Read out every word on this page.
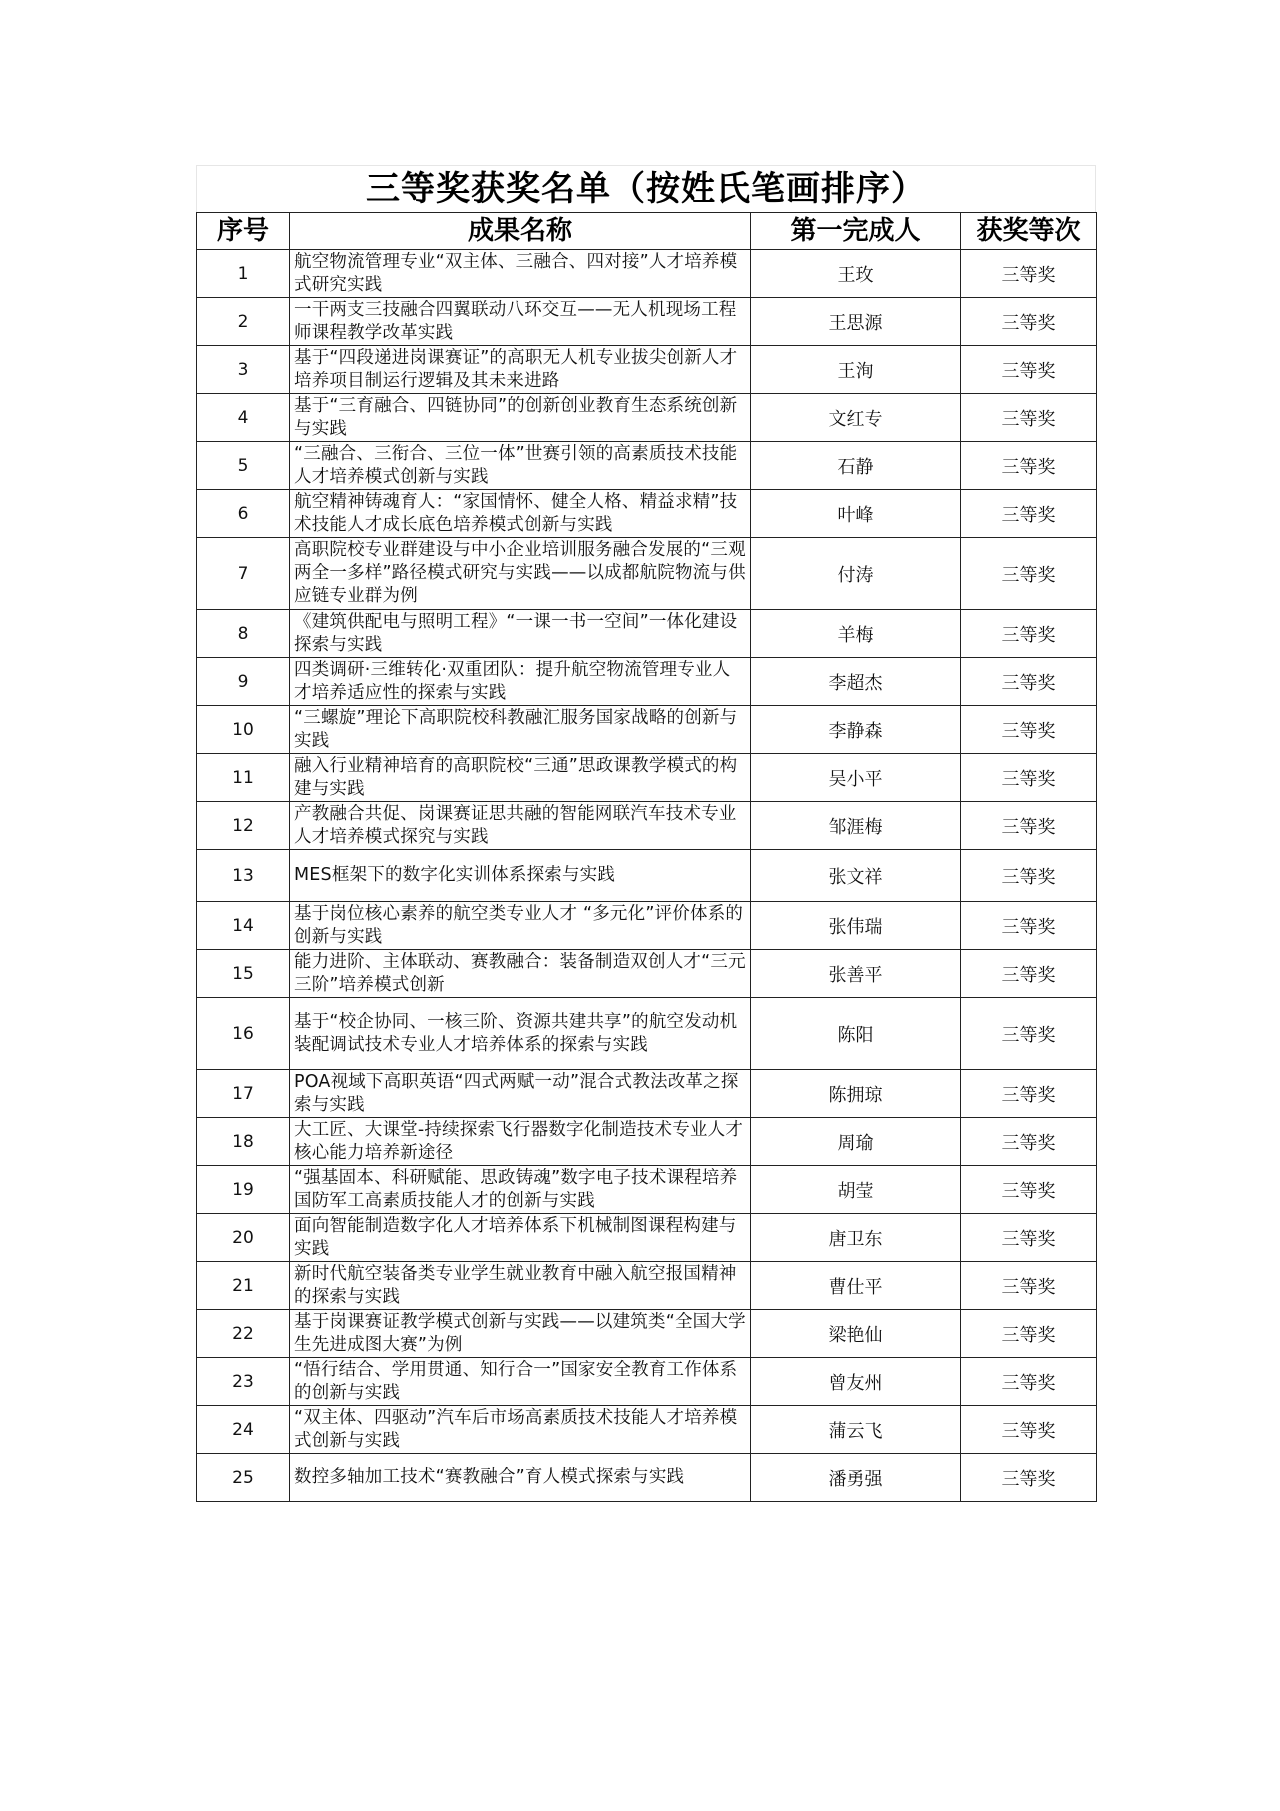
三等奖获奖名单（按姓氏笔画排序）
序号	成果名称	第一完成人	获奖等次
1	航空物流管理专业“双主体、三融合、四对接”人才培养模式研究实践	王玫	三等奖
2	一干两支三技融合四翼联动八环交互——无人机现场工程师课程教学改革实践	王思源	三等奖
3	基于“四段递进岗课赛证”的高职无人机专业拔尖创新人才培养项目制运行逻辑及其未来进路	王洵	三等奖
4	基于“三育融合、四链协同”的创新创业教育生态系统创新与实践	文红专	三等奖
5	“三融合、三衔合、三位一体”世赛引领的高素质技术技能人才培养模式创新与实践	石静	三等奖
6	航空精神铸魂育人：“家国情怀、健全人格、精益求精”技术技能人才成长底色培养模式创新与实践	叶峰	三等奖
7	高职院校专业群建设与中小企业培训服务融合发展的“三观两全一多样”路径模式研究与实践——以成都航院物流与供应链专业群为例	付涛	三等奖
8	《建筑供配电与照明工程》“一课一书一空间”一体化建设探索与实践	羊梅	三等奖
9	四类调研·三维转化·双重团队：提升航空物流管理专业人才培养适应性的探索与实践	李超杰	三等奖
10	“三螺旋”理论下高职院校科教融汇服务国家战略的创新与实践	李静森	三等奖
11	融入行业精神培育的高职院校“三通”思政课教学模式的构建与实践	吴小平	三等奖
12	产教融合共促、岗课赛证思共融的智能网联汽车技术专业人才培养模式探究与实践	邹涯梅	三等奖
13	MES框架下的数字化实训体系探索与实践	张文祥	三等奖
14	基于岗位核心素养的航空类专业人才 “多元化”评价体系的创新与实践	张伟瑞	三等奖
15	能力进阶、主体联动、赛教融合：装备制造双创人才“三元三阶”培养模式创新	张善平	三等奖
16	基于“校企协同、一核三阶、资源共建共享”的航空发动机装配调试技术专业人才培养体系的探索与实践	陈阳	三等奖
17	POA视域下高职英语“四式两赋一动”混合式教法改革之探索与实践	陈拥琼	三等奖
18	大工匠、大课堂-持续探索飞行器数字化制造技术专业人才核心能力培养新途径	周瑜	三等奖
19	“强基固本、科研赋能、思政铸魂”数字电子技术课程培养国防军工高素质技能人才的创新与实践	胡莹	三等奖
20	面向智能制造数字化人才培养体系下机械制图课程构建与实践	唐卫东	三等奖
21	新时代航空装备类专业学生就业教育中融入航空报国精神的探索与实践	曹仕平	三等奖
22	基于岗课赛证教学模式创新与实践——以建筑类“全国大学生先进成图大赛”为例	梁艳仙	三等奖
23	“悟行结合、学用贯通、知行合一”国家安全教育工作体系的创新与实践	曾友州	三等奖
24	“双主体、四驱动”汽车后市场高素质技术技能人才培养模式创新与实践	蒲云飞	三等奖
25	数控多轴加工技术“赛教融合”育人模式探索与实践	潘勇强	三等奖
